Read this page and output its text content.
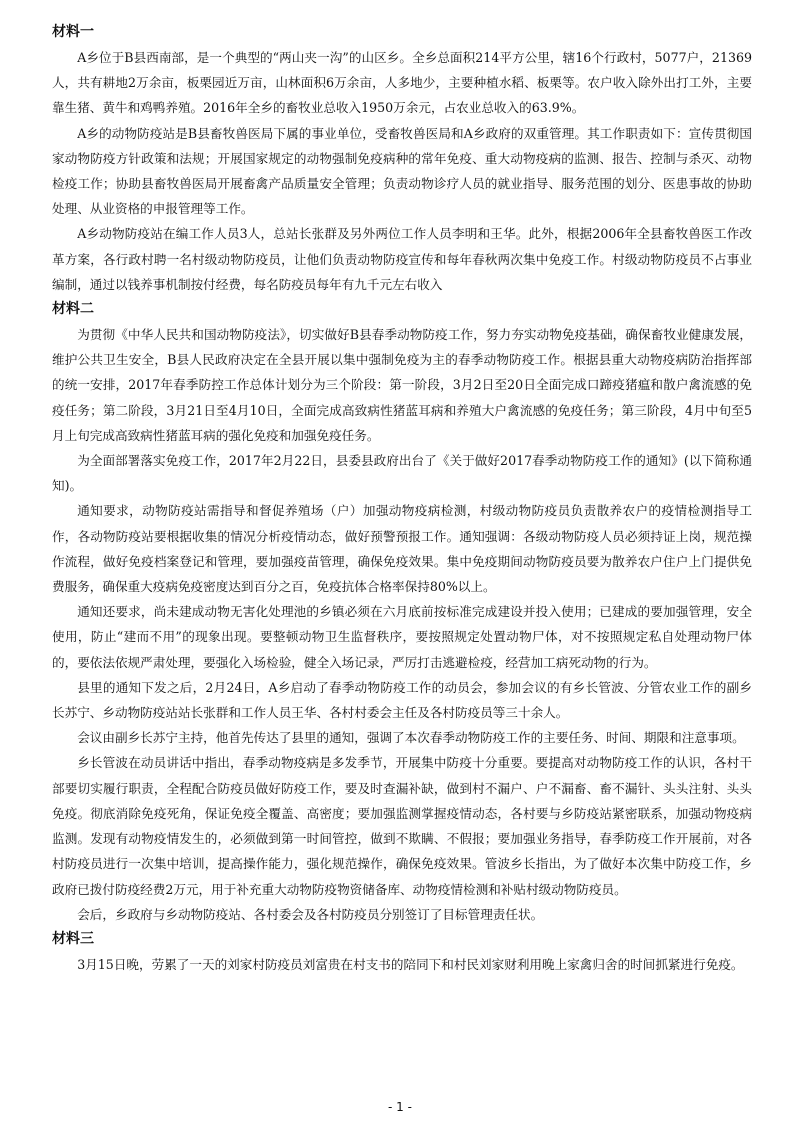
材料一

A乡位于B县西南部，是一个典型的“两山夹一沟”的山区乡。全乡总面积214平方公里，辖16个行政村，5077户，21369人，共有耕地2万余亩，板栗园近万亩，山林面积6万余亩，人多地少，主要种植水稻、板栗等。农户收入除外出打工外，主要靠生猪、黄牛和鸡鸭养殖。2016年全乡的畜牧业总收入1950万余元，占农业总收入的63.9%。

A乡的动物防疫站是B县畜牧兽医局下属的事业单位，受畜牧兽医局和A乡政府的双重管理。其工作职责如下：宣传贯彻国家动物防疫方针政策和法规；开展国家规定的动物强制免疫病种的常年免疫、重大动物疫病的监测、报告、控制与杀灭、动物检疫工作；协助县畜牧兽医局开展畜禽产品质量安全管理；负责动物诊疗人员的就业指导、服务范围的划分、医患事故的协助处理、从业资格的申报管理等工作。

A乡动物防疫站在编工作人员3人，总站长张群及另外两位工作人员李明和王华。此外，根据2006年全县畜牧兽医工作改革方案，各行政村聘一名村级动物防疫员，让他们负责动物防疫宣传和每年春秋两次集中免疫工作。村级动物防疫员不占事业编制，通过以钱养事机制按付经费，每名防疫员每年有九千元左右收入

材料二

为贯彻《中华人民共和国动物防疫法》，切实做好B县春季动物防疫工作，努力夯实动物免疫基础，确保畜牧业健康发展，维护公共卫生安全，B县人民政府决定在全县开展以集中强制免疫为主的春季动物防疫工作。根据县重大动物疫病防治指挥部的统一安排，2017年春季防控工作总体计划分为三个阶段：第一阶段，3月2日至20日全面完成口蹄疫猪瘟和散户禽流感的免疫任务；第二阶段，3月21日至4月10日，全面完成高致病性猪蓝耳病和养殖大户禽流感的免疫任务；第三阶段，4月中旬至5月上旬完成高致病性猪蓝耳病的强化免疫和加强免疫任务。

为全面部署落实免疫工作，2017年2月22日，县委县政府出台了《关于做好2017春季动物防疫工作的通知》(以下简称通知)。

通知要求，动物防疫站需指导和督促养殖场（户）加强动物疫病检测，村级动物防疫员负责散养农户的疫情检测指导工作，各动物防疫站要根据收集的情况分析疫情动态，做好预警预报工作。通知强调：各级动物防疫人员必须持证上岗，规范操作流程，做好免疫档案登记和管理，要加强疫苗管理，确保免疫效果。集中免疫期间动物防疫员要为散养农户住户上门提供免费服务，确保重大疫病免疫密度达到百分之百，免疫抗体合格率保持80%以上。

通知还要求，尚未建成动物无害化处理池的乡镇必须在六月底前按标准完成建设并投入使用；已建成的要加强管理，安全使用，防止“建而不用”的现象出现。要整顿动物卫生监督秩序，要按照规定处置动物尸体，对不按照规定私自处理动物尸体的，要依法依规严肃处理，要强化入场检验，健全入场记录，严厉打击逃避检疫，经营加工病死动物的行为。

县里的通知下发之后，2月24日，A乡启动了春季动物防疫工作的动员会，参加会议的有乡长管波、分管农业工作的副乡长苏宁、乡动物防疫站站长张群和工作人员王华、各村村委会主任及各村防疫员等三十余人。

会议由副乡长苏宁主持，他首先传达了县里的通知，强调了本次春季动物防疫工作的主要任务、时间、期限和注意事项。

乡长管波在动员讲话中指出，春季动物疫病是多发季节，开展集中防疫十分重要。要提高对动物防疫工作的认识，各村干部要切实履行职责，全程配合防疫员做好防疫工作，要及时查漏补缺，做到村不漏户、户不漏畜、畜不漏针、头头注射、头头免疫。彻底消除免疫死角，保证免疫全覆盖、高密度；要加强监测掌握疫情动态，各村要与乡防疫站紧密联系，加强动物疫病监测。发现有动物疫情发生的，必须做到第一时间管控，做到不欺瞒、不假报；要加强业务指导，春季防疫工作开展前，对各村防疫员进行一次集中培训，提高操作能力，强化规范操作，确保免疫效果。管波乡长指出，为了做好本次集中防疫工作，乡政府已拨付防疫经费2万元，用于补充重大动物防疫物资储备库、动物疫情检测和补贴村级动物防疫员。

会后，乡政府与乡动物防疫站、各村委会及各村防疫员分别签订了目标管理责任状。

材料三

3月15日晚，劳累了一天的刘家村防疫员刘富贵在村支书的陪同下和村民刘家财利用晚上家禽归舍的时间抓紧进行免疫。

- 1 -
